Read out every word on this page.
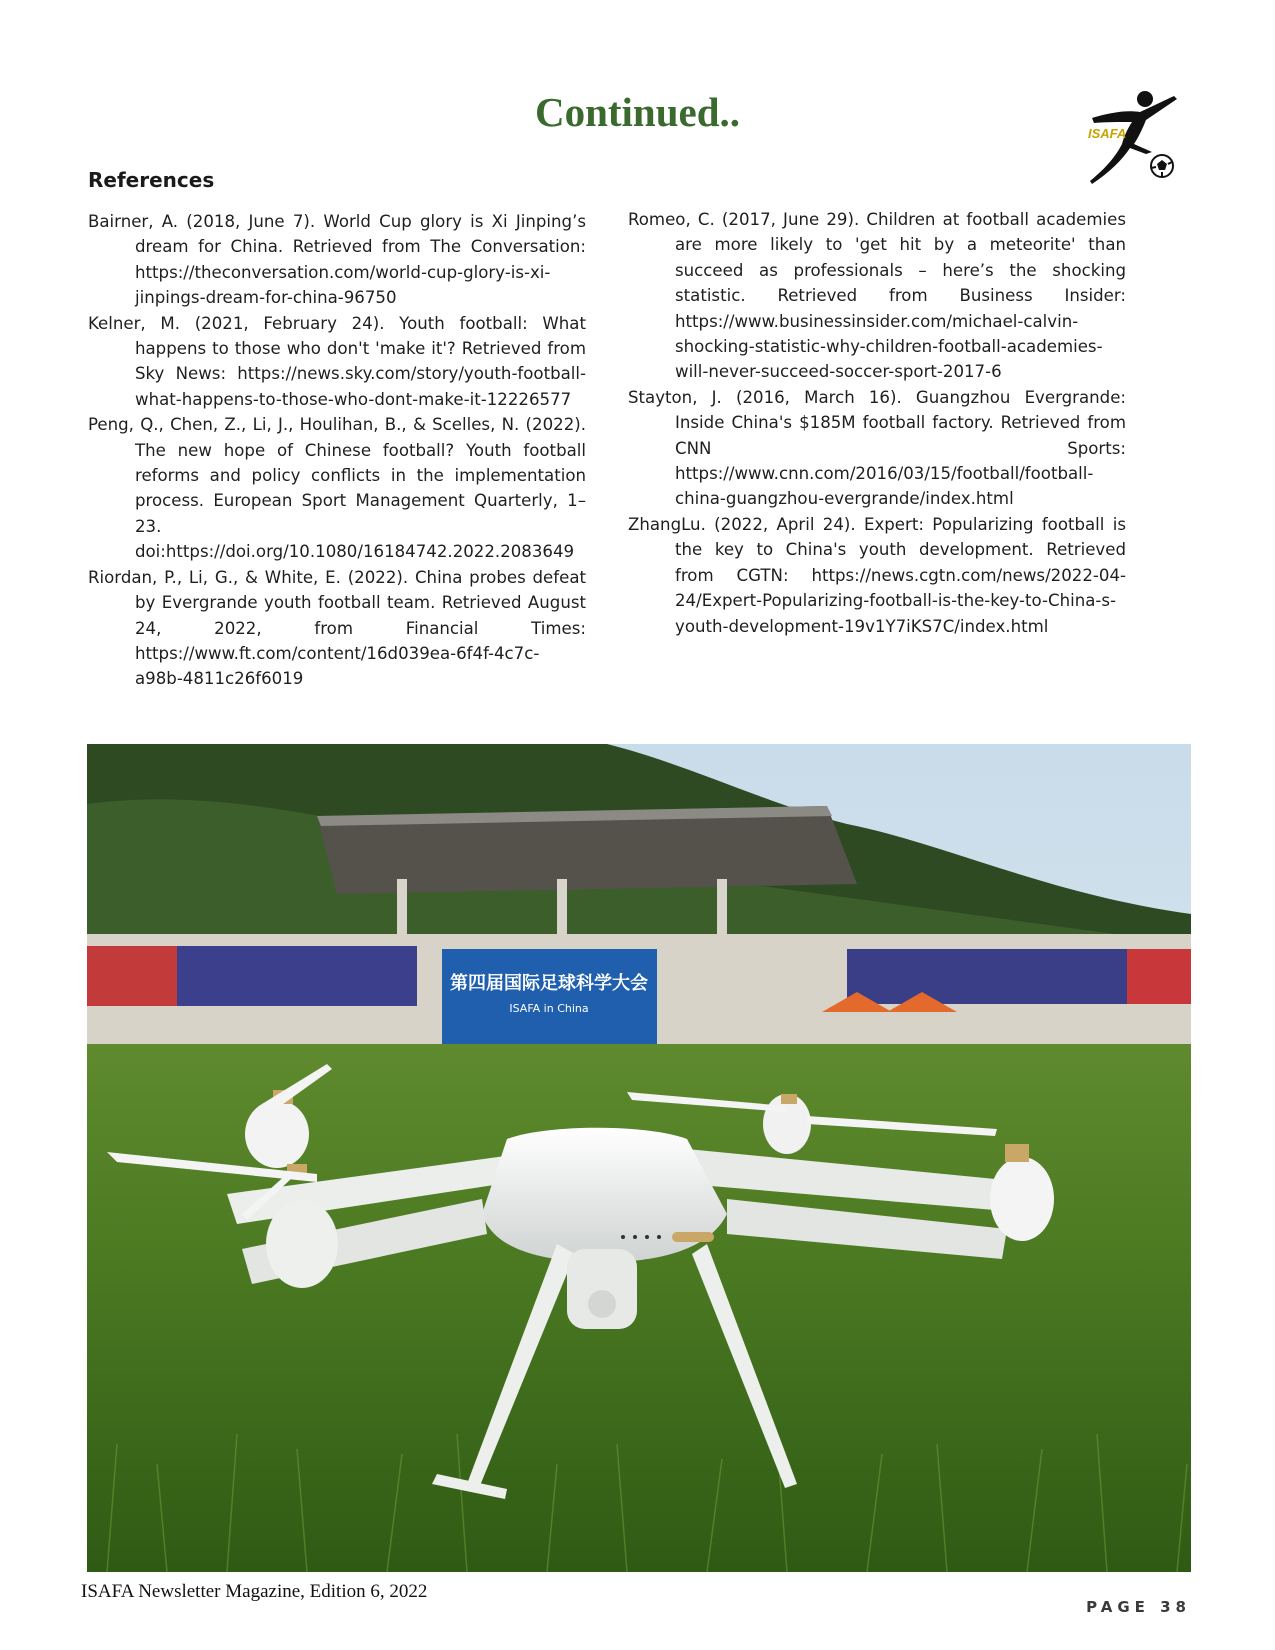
Continued..	ISAFA
References

Bairner, A. (2018, June 7). World Cup glory is Xi Jinping’s dream for China. Retrieved from The Conversation: https://theconversation.com/world-cup-glory-is-xi-jinpings-dream-for-china-96750

Kelner, M. (2021, February 24). Youth football: What happens to those who don't 'make it'? Retrieved from Sky News: https://news.sky.com/story/youth-football-what-happens-to-those-who-dont-make-it-12226577

Peng, Q., Chen, Z., Li, J., Houlihan, B., & Scelles, N. (2022). The new hope of Chinese football? Youth football reforms and policy conflicts in the implementation process. European Sport Management Quarterly, 1–23. doi:https://doi.org/10.1080/16184742.2022.2083649

Riordan, P., Li, G., & White, E. (2022). China probes defeat by Evergrande youth football team. Retrieved August 24, 2022, from Financial Times: https://www.ft.com/content/16d039ea-6f4f-4c7c-a98b-4811c26f6019

Romeo, C. (2017, June 29). Children at football academies are more likely to 'get hit by a meteorite' than succeed as professionals – here’s the shocking statistic. Retrieved from Business Insider: https://www.businessinsider.com/michael-calvin-shocking-statistic-why-children-football-academies-will-never-succeed-soccer-sport-2017-6

Stayton, J. (2016, March 16). Guangzhou Evergrande: Inside China's $185M football factory. Retrieved from CNN Sports: https://www.cnn.com/2016/03/15/football/football-china-guangzhou-evergrande/index.html

ZhangLu. (2022, April 24). Expert: Popularizing football is the key to China's youth development. Retrieved from CGTN: https://news.cgtn.com/news/2022-04-24/Expert-Popularizing-football-is-the-key-to-China-s-youth-development-19v1Y7iKS7C/index.html

第四届国际足球科学大会
ISAFA in China
ISAFA Newsletter Magazine, Edition 6, 2022
PAGE 38
